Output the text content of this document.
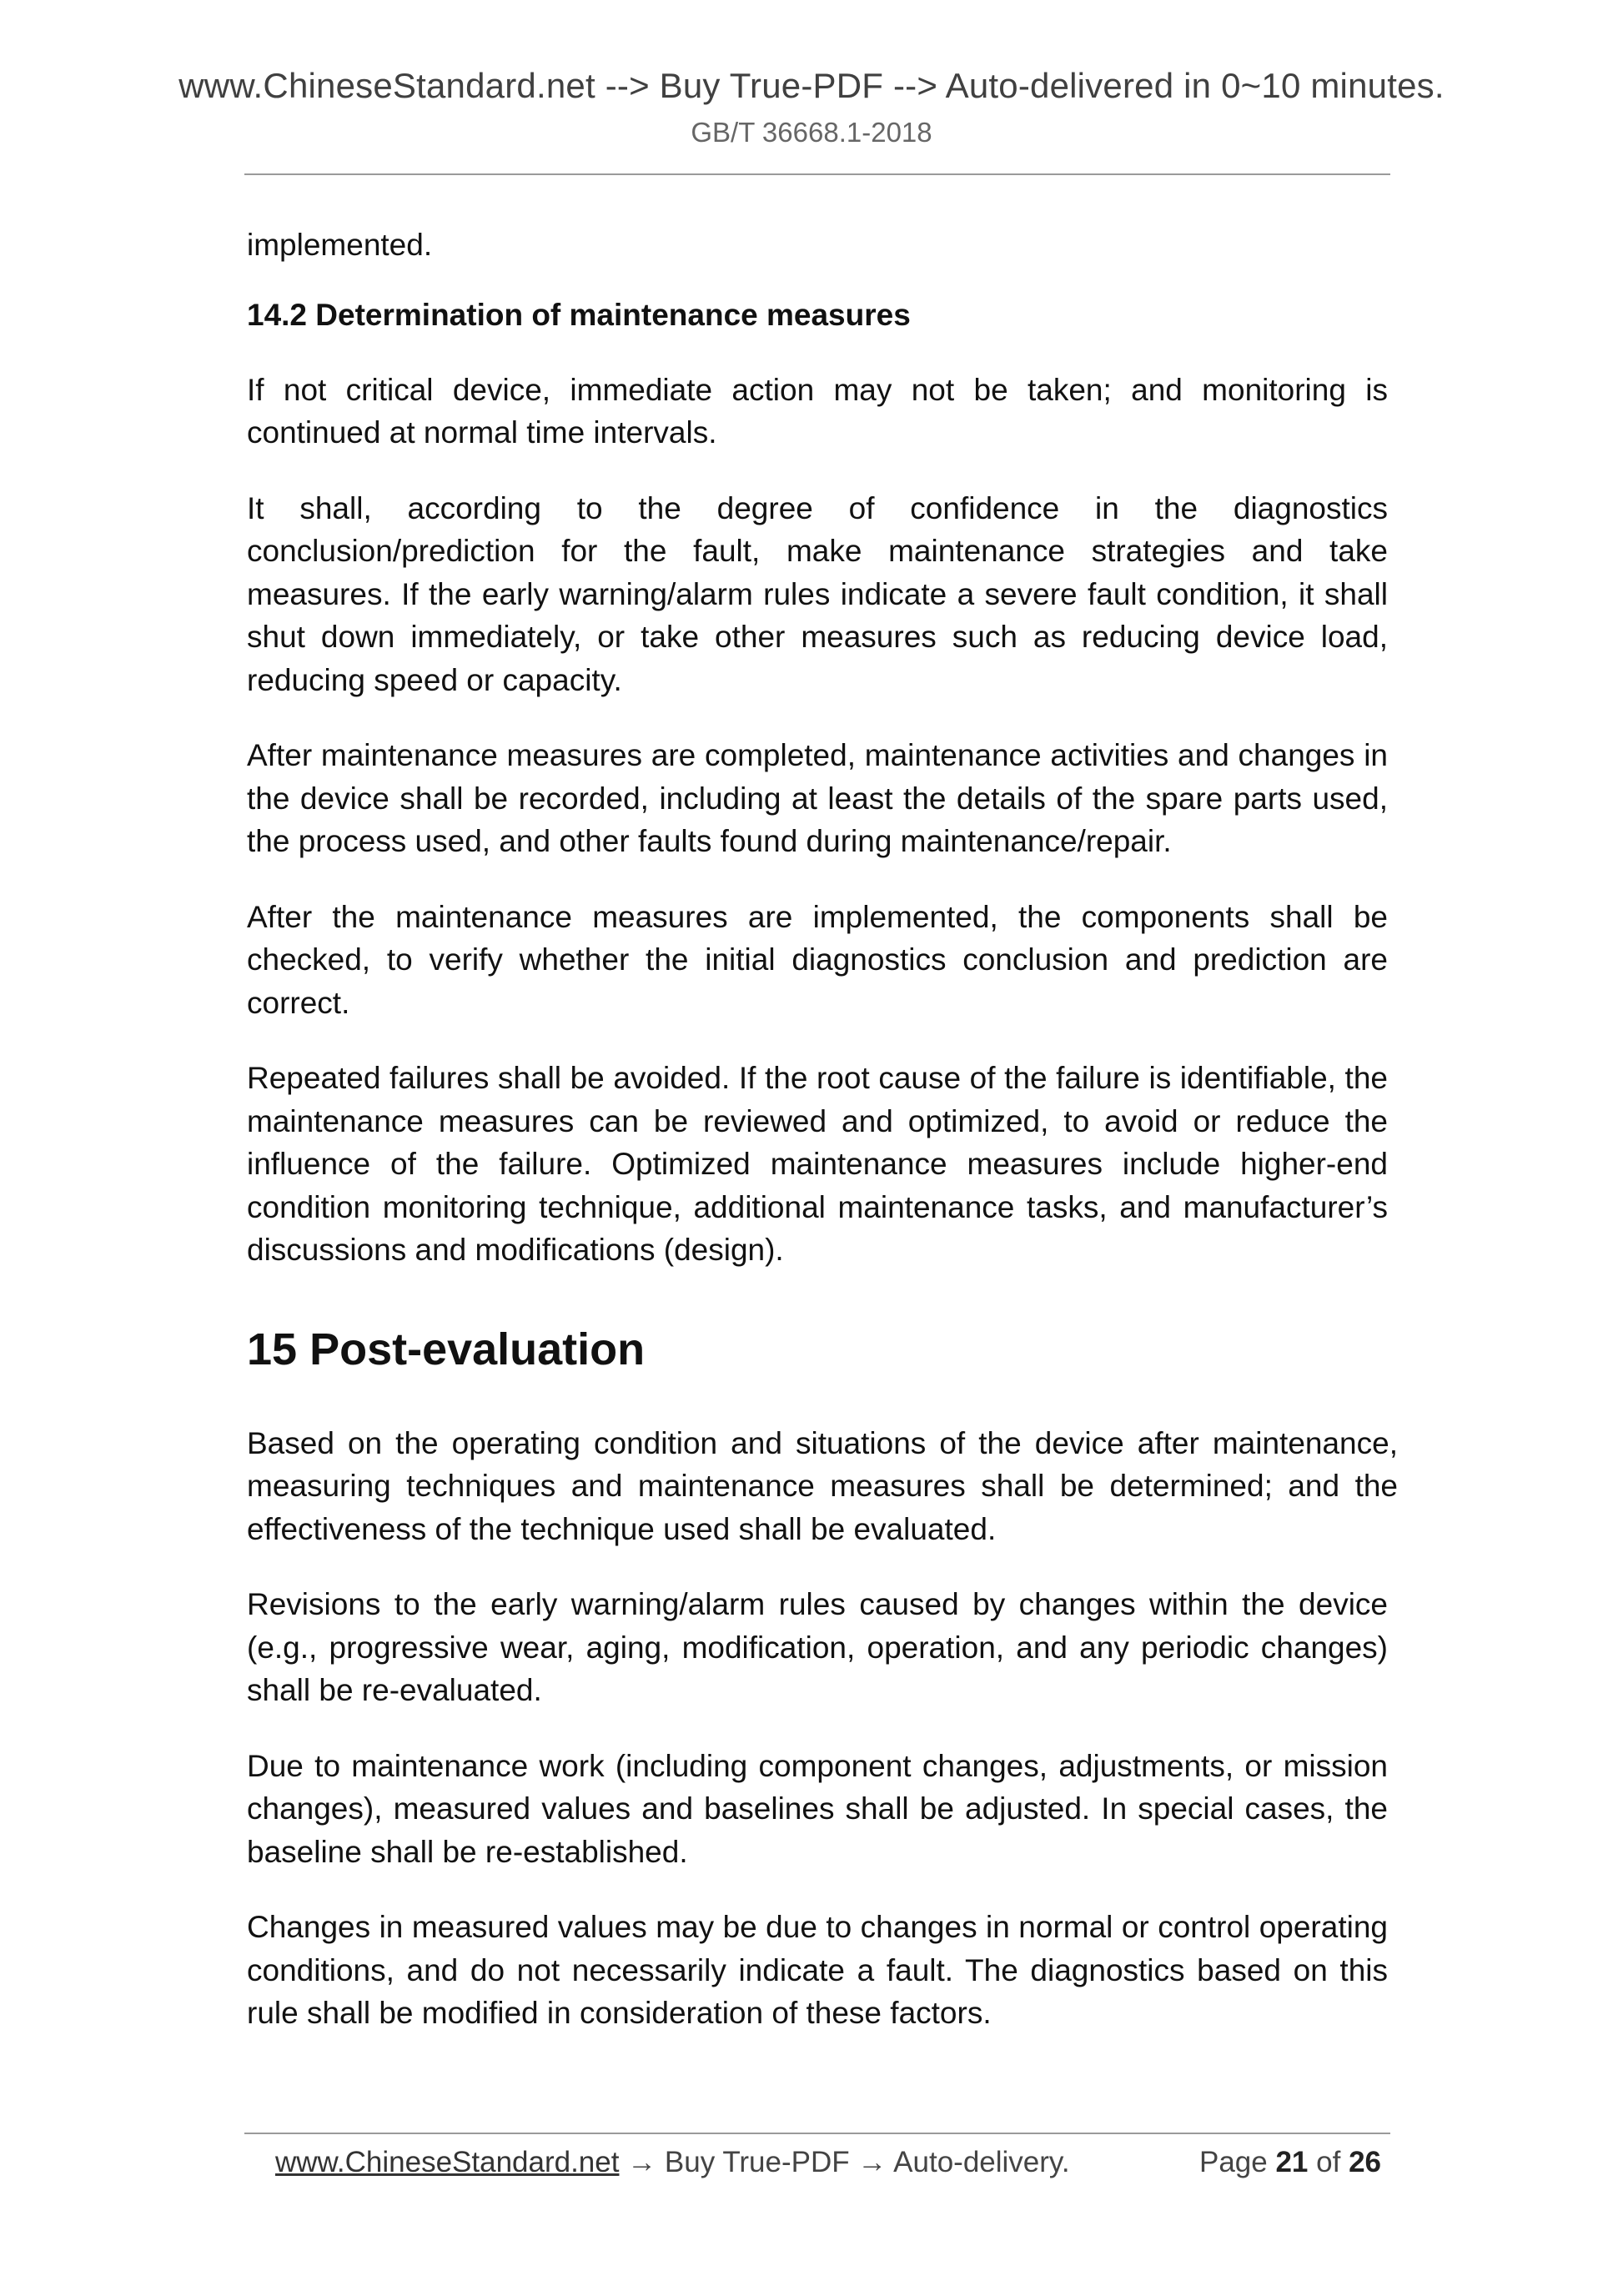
www.ChineseStandard.net --> Buy True-PDF --> Auto-delivered in 0~10 minutes.
GB/T 36668.1-2018

implemented.

14.2 Determination of maintenance measures

If not critical device, immediate action may not be taken; and monitoring is continued at normal time intervals.

It shall, according to the degree of confidence in the diagnostics conclusion/prediction for the fault, make maintenance strategies and take measures. If the early warning/alarm rules indicate a severe fault condition, it shall shut down immediately, or take other measures such as reducing device load, reducing speed or capacity.

After maintenance measures are completed, maintenance activities and changes in the device shall be recorded, including at least the details of the spare parts used, the process used, and other faults found during maintenance/repair.

After the maintenance measures are implemented, the components shall be checked, to verify whether the initial diagnostics conclusion and prediction are correct.

Repeated failures shall be avoided. If the root cause of the failure is identifiable, the maintenance measures can be reviewed and optimized, to avoid or reduce the influence of the failure. Optimized maintenance measures include higher-end condition monitoring technique, additional maintenance tasks, and manufacturer’s discussions and modifications (design).

15 Post-evaluation

Based on the operating condition and situations of the device after maintenance, measuring techniques and maintenance measures shall be determined; and the effectiveness of the technique used shall be evaluated.

Revisions to the early warning/alarm rules caused by changes within the device (e.g., progressive wear, aging, modification, operation, and any periodic changes) shall be re-evaluated.

Due to maintenance work (including component changes, adjustments, or mission changes), measured values and baselines shall be adjusted. In special cases, the baseline shall be re-established.

Changes in measured values may be due to changes in normal or control operating conditions, and do not necessarily indicate a fault. The diagnostics based on this rule shall be modified in consideration of these factors.

www.ChineseStandard.net → Buy True-PDF → Auto-delivery.	Page 21 of 26
